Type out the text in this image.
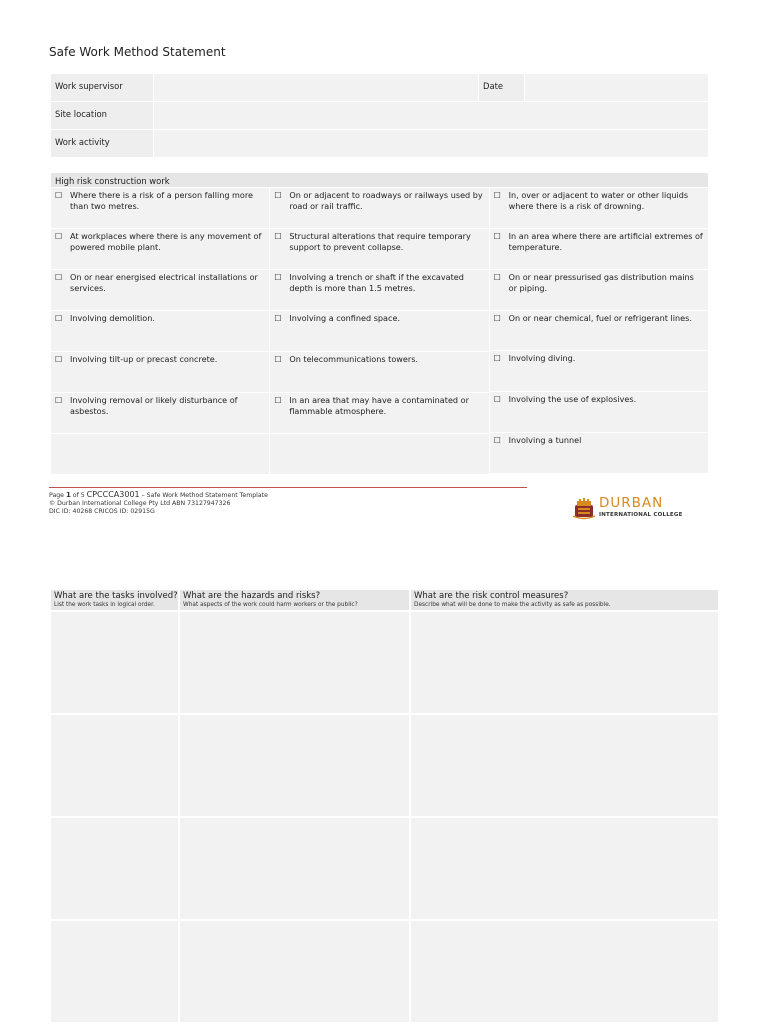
Safe Work Method Statement
Work supervisor	Date
Site location
Work activity
High risk construction work
☐ Where there is a risk of a person falling more than two metres.
☐ At workplaces where there is any movement of powered mobile plant.
☐ On or near energised electrical installations or services.
☐ Involving demolition.
☐ Involving tilt-up or precast concrete.
☐ Involving removal or likely disturbance of asbestos.
☐ On or adjacent to roadways or railways used by road or rail traffic.
☐ Structural alterations that require temporary support to prevent collapse.
☐ Involving a trench or shaft if the excavated depth is more than 1.5 metres.
☐ Involving a confined space.
☐ On telecommunications towers.
☐ In an area that may have a contaminated or flammable atmosphere.
☐ In, over or adjacent to water or other liquids where there is a risk of drowning.
☐ In an area where there are artificial extremes of temperature.
☐ On or near pressurised gas distribution mains or piping.
☐ On or near chemical, fuel or refrigerant lines.
☐ Involving diving.
☐ Involving the use of explosives.
☐ Involving a tunnel
Page 1 of 5 CPCCCA3001 – Safe Work Method Statement Template
© Durban International College Pty Ltd ABN 73127947326
DIC ID: 40268 CRICOS ID: 02915G
DURBAN
INTERNATIONAL COLLEGE
What are the tasks involved?
List the work tasks in logical order.
What are the hazards and risks?
What aspects of the work could harm workers or the public?
What are the risk control measures?
Describe what will be done to make the activity as safe as possible.
